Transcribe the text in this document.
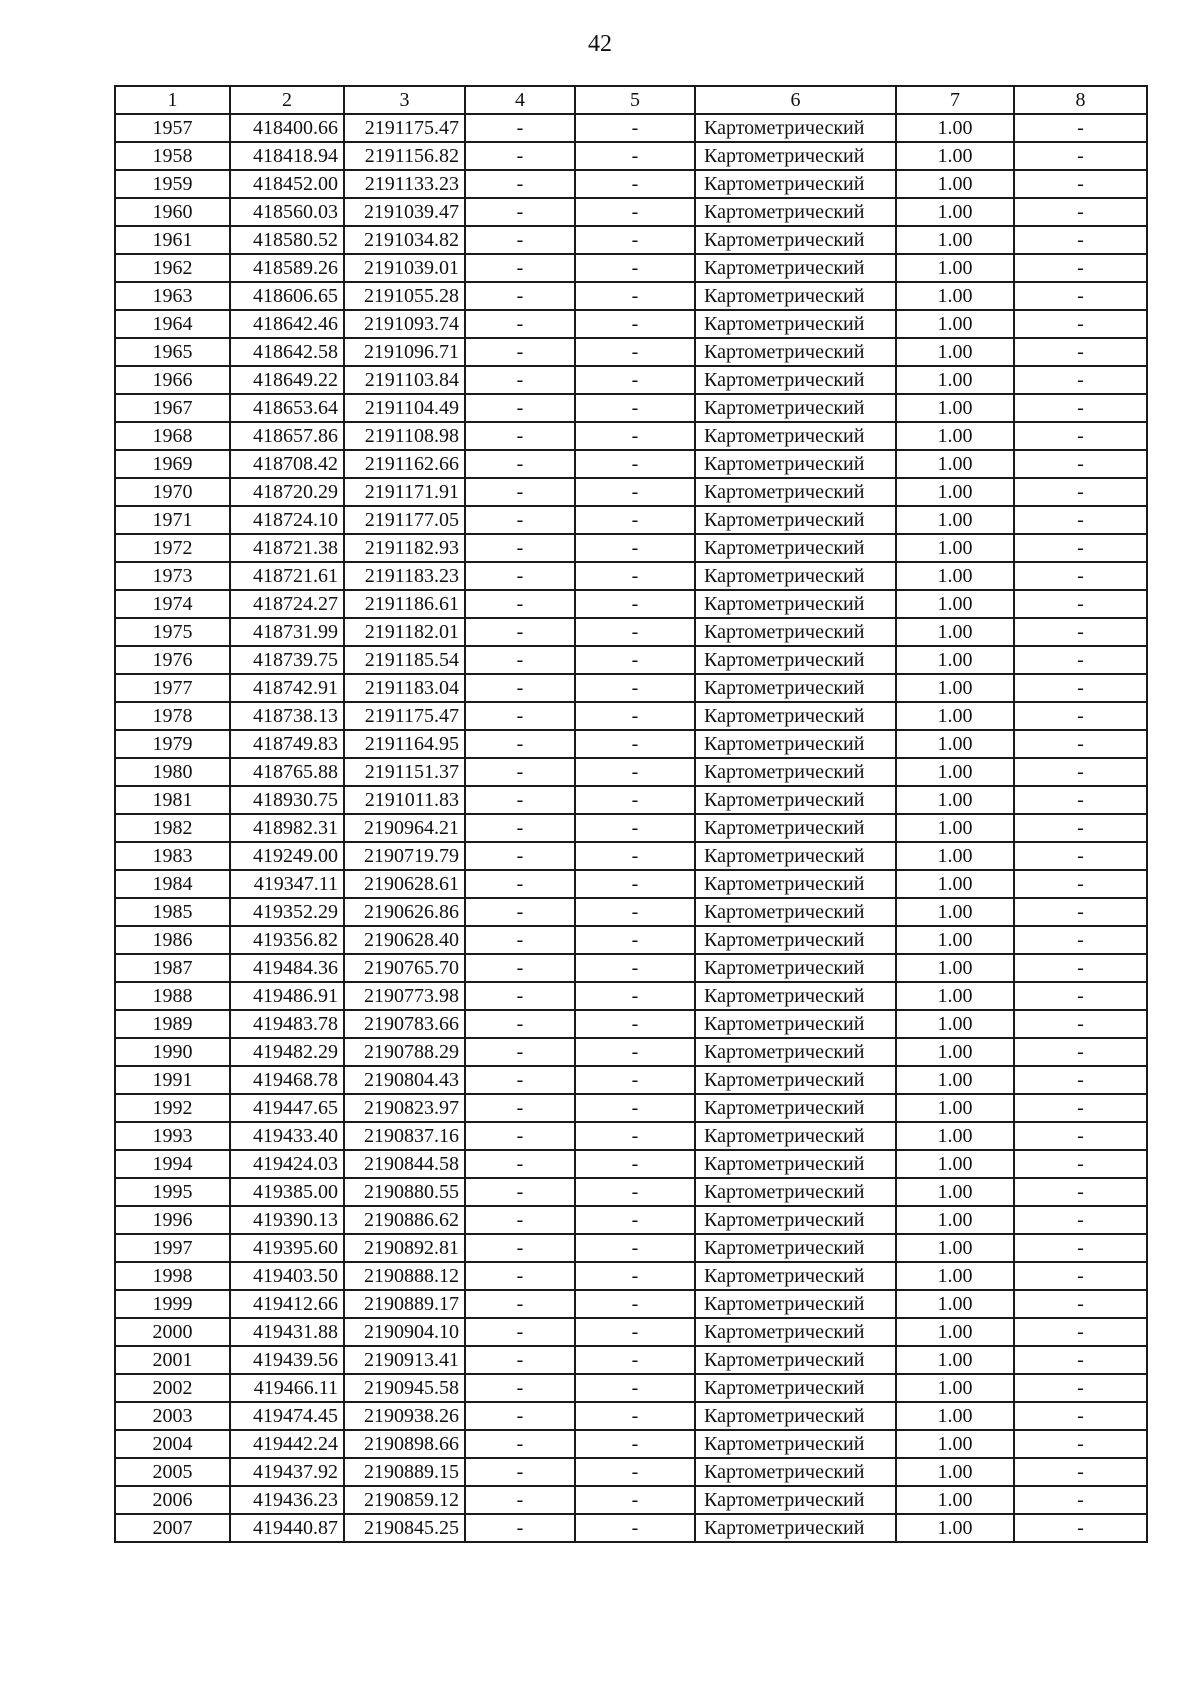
42
1	2	3	4	5	6	7	8
1957	418400.66	2191175.47	-	-	Картометрический	1.00	-
1958	418418.94	2191156.82	-	-	Картометрический	1.00	-
1959	418452.00	2191133.23	-	-	Картометрический	1.00	-
1960	418560.03	2191039.47	-	-	Картометрический	1.00	-
1961	418580.52	2191034.82	-	-	Картометрический	1.00	-
1962	418589.26	2191039.01	-	-	Картометрический	1.00	-
1963	418606.65	2191055.28	-	-	Картометрический	1.00	-
1964	418642.46	2191093.74	-	-	Картометрический	1.00	-
1965	418642.58	2191096.71	-	-	Картометрический	1.00	-
1966	418649.22	2191103.84	-	-	Картометрический	1.00	-
1967	418653.64	2191104.49	-	-	Картометрический	1.00	-
1968	418657.86	2191108.98	-	-	Картометрический	1.00	-
1969	418708.42	2191162.66	-	-	Картометрический	1.00	-
1970	418720.29	2191171.91	-	-	Картометрический	1.00	-
1971	418724.10	2191177.05	-	-	Картометрический	1.00	-
1972	418721.38	2191182.93	-	-	Картометрический	1.00	-
1973	418721.61	2191183.23	-	-	Картометрический	1.00	-
1974	418724.27	2191186.61	-	-	Картометрический	1.00	-
1975	418731.99	2191182.01	-	-	Картометрический	1.00	-
1976	418739.75	2191185.54	-	-	Картометрический	1.00	-
1977	418742.91	2191183.04	-	-	Картометрический	1.00	-
1978	418738.13	2191175.47	-	-	Картометрический	1.00	-
1979	418749.83	2191164.95	-	-	Картометрический	1.00	-
1980	418765.88	2191151.37	-	-	Картометрический	1.00	-
1981	418930.75	2191011.83	-	-	Картометрический	1.00	-
1982	418982.31	2190964.21	-	-	Картометрический	1.00	-
1983	419249.00	2190719.79	-	-	Картометрический	1.00	-
1984	419347.11	2190628.61	-	-	Картометрический	1.00	-
1985	419352.29	2190626.86	-	-	Картометрический	1.00	-
1986	419356.82	2190628.40	-	-	Картометрический	1.00	-
1987	419484.36	2190765.70	-	-	Картометрический	1.00	-
1988	419486.91	2190773.98	-	-	Картометрический	1.00	-
1989	419483.78	2190783.66	-	-	Картометрический	1.00	-
1990	419482.29	2190788.29	-	-	Картометрический	1.00	-
1991	419468.78	2190804.43	-	-	Картометрический	1.00	-
1992	419447.65	2190823.97	-	-	Картометрический	1.00	-
1993	419433.40	2190837.16	-	-	Картометрический	1.00	-
1994	419424.03	2190844.58	-	-	Картометрический	1.00	-
1995	419385.00	2190880.55	-	-	Картометрический	1.00	-
1996	419390.13	2190886.62	-	-	Картометрический	1.00	-
1997	419395.60	2190892.81	-	-	Картометрический	1.00	-
1998	419403.50	2190888.12	-	-	Картометрический	1.00	-
1999	419412.66	2190889.17	-	-	Картометрический	1.00	-
2000	419431.88	2190904.10	-	-	Картометрический	1.00	-
2001	419439.56	2190913.41	-	-	Картометрический	1.00	-
2002	419466.11	2190945.58	-	-	Картометрический	1.00	-
2003	419474.45	2190938.26	-	-	Картометрический	1.00	-
2004	419442.24	2190898.66	-	-	Картометрический	1.00	-
2005	419437.92	2190889.15	-	-	Картометрический	1.00	-
2006	419436.23	2190859.12	-	-	Картометрический	1.00	-
2007	419440.87	2190845.25	-	-	Картометрический	1.00	-
